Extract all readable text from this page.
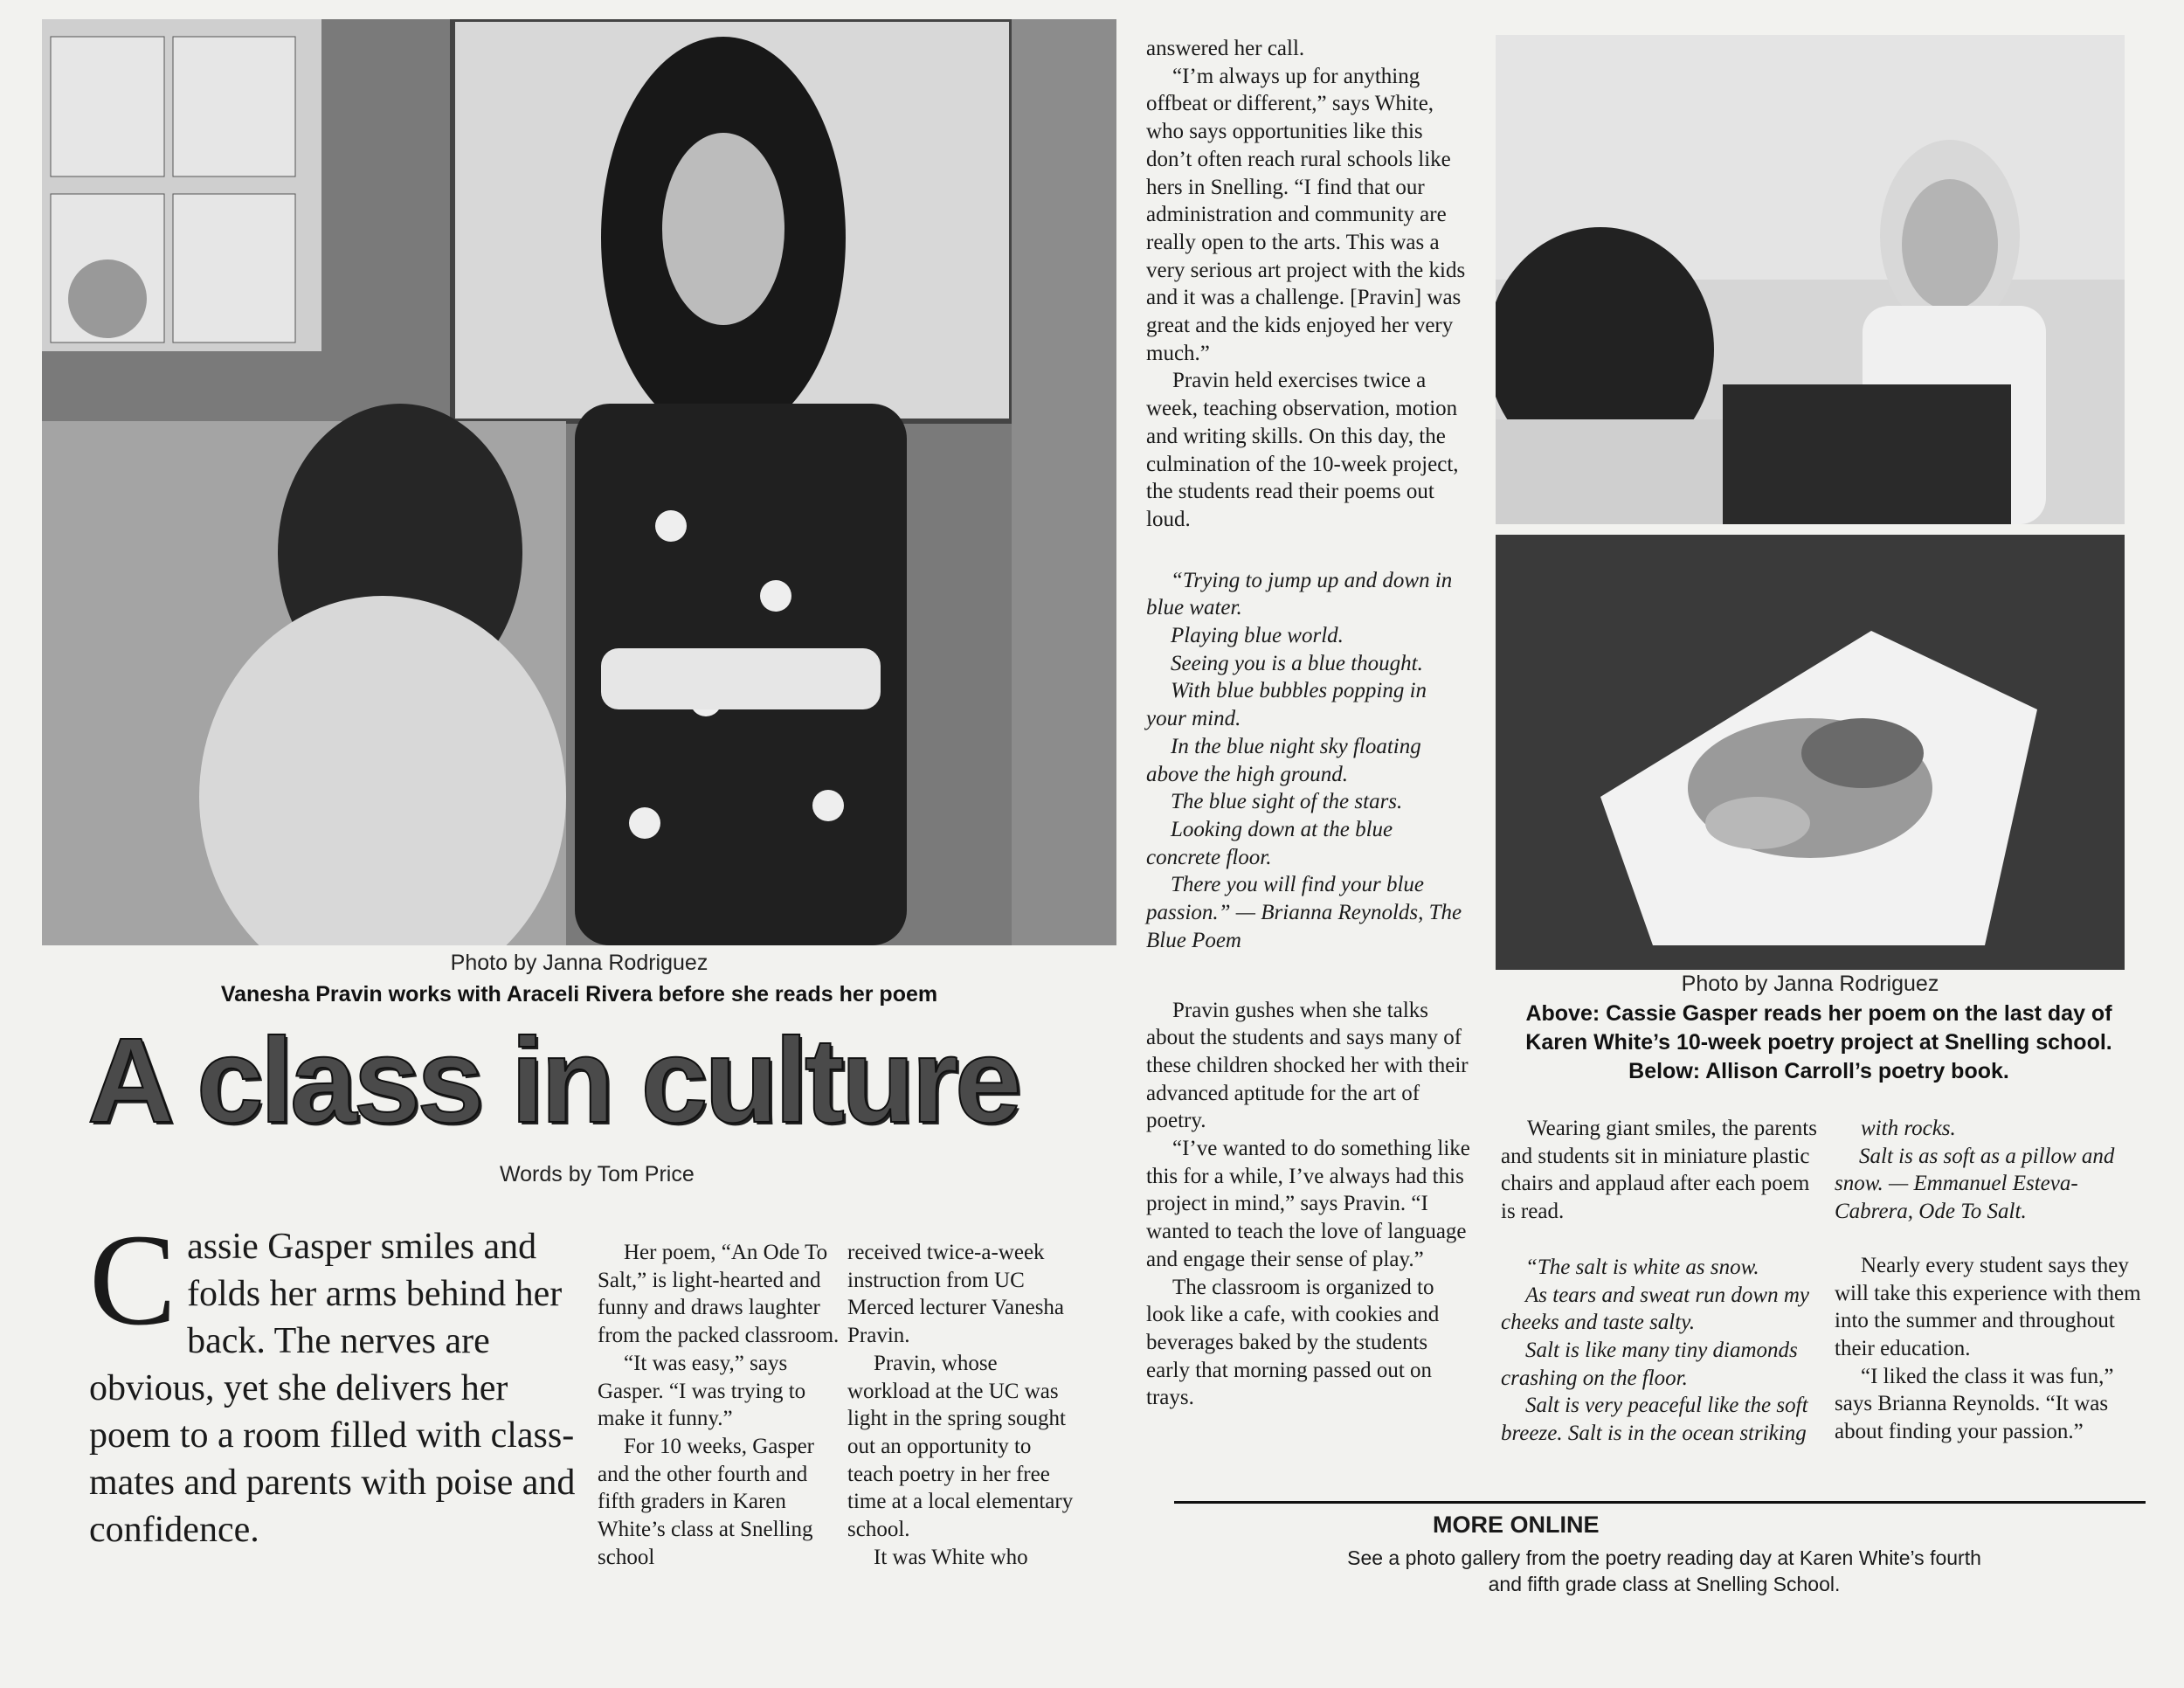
Photo by Janna Rodriguez
Vanesha Pravin works with Araceli Rivera before she reads her poem
A class in culture
Words by Tom Price
Cassie Gasper smiles and folds her arms behind her back. The nerves are obvious, yet she delivers her poem to a room filled with class-mates and parents with poise and confidence.

Her poem, “An Ode To Salt,” is light-hearted and funny and draws laughter from the packed classroom.

“It was easy,” says Gasper. “I was trying to make it funny.”

For 10 weeks, Gasper and the other fourth and fifth graders in Karen White’s class at Snelling school

received twice-a-week instruction from UC Merced lecturer Vanesha Pravin.

Pravin, whose workload at the UC was light in the spring sought out an opportunity to teach poetry in her free time at a local elementary school.

It was White who

answered her call.

“I’m always up for anything offbeat or different,” says White, who says opportunities like this don’t often reach rural schools like hers in Snelling. “I find that our administration and community are really open to the arts. This was a very serious art project with the kids and it was a challenge. [Pravin] was great and the kids enjoyed her very much.”

Pravin held exercises twice a week, teaching observation, motion and writing skills. On this day, the culmination of the 10-week project, the students read their poems out loud.

“Trying to jump up and down in blue water.

Playing blue world.

Seeing you is a blue thought.

With blue bubbles popping in your mind.

In the blue night sky floating above the high ground.

The blue sight of the stars.

Looking down at the blue concrete floor.

There you will find your blue passion.” — Brianna Reynolds, The Blue Poem

Pravin gushes when she talks about the students and says many of these children shocked her with their advanced aptitude for the art of poetry.

“I’ve wanted to do something like this for a while, I’ve always had this project in mind,” says Pravin. “I wanted to teach the love of language and engage their sense of play.”

The classroom is organized to look like a cafe, with cookies and beverages baked by the students early that morning passed out on trays.

Photo by Janna Rodriguez
Above: Cassie Gasper reads her poem on the last day of Karen White’s 10-week poetry project at Snelling school. Below: Allison Carroll’s poetry book.

Wearing giant smiles, the parents and students sit in miniature plastic chairs and applaud after each poem is read.

“The salt is white as snow.

As tears and sweat run down my cheeks and taste salty.

Salt is like many tiny diamonds crashing on the floor.

Salt is very peaceful like the soft breeze. Salt is in the ocean striking

with rocks.

Salt is as soft as a pillow and snow. — Emmanuel Esteva-Cabrera, Ode To Salt.

Nearly every student says they will take this experience with them into the summer and throughout their education.

“I liked the class it was fun,” says Brianna Reynolds. “It was about finding your passion.”

MORE ONLINE
See a photo gallery from the poetry reading day at Karen White’s fourth and fifth grade class at Snelling School.
